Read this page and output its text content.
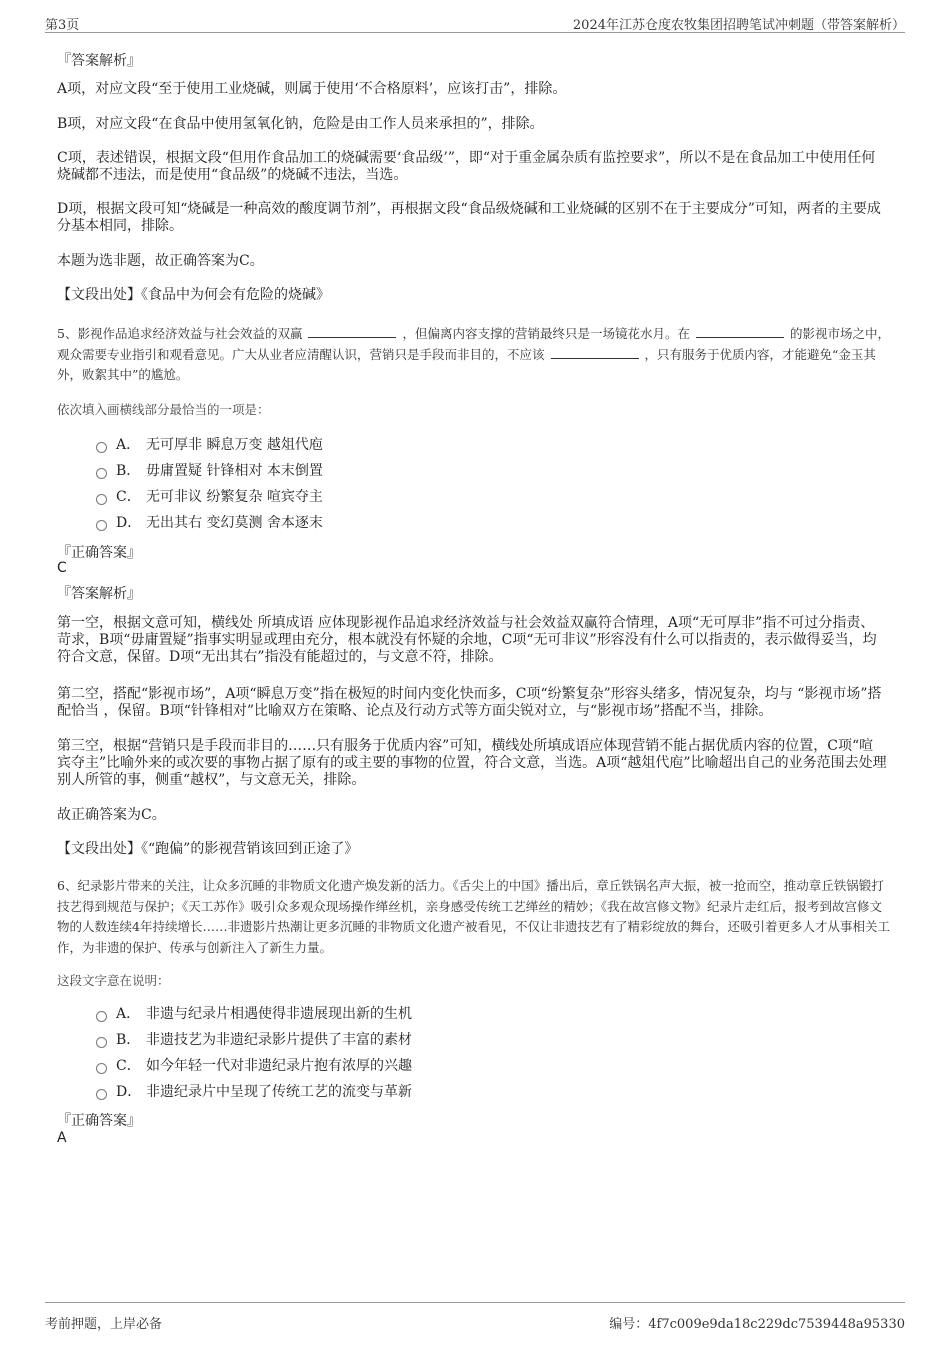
第3页	2024年江苏仓度农牧集团招聘笔试冲刺题（带答案解析）
『答案解析』
A项，对应文段“至于使用工业烧碱，则属于使用‘不合格原料’，应该打击”，排除。
B项，对应文段“在食品中使用氢氧化钠，危险是由工作人员来承担的”，排除。
C项，表述错误，根据文段“但用作食品加工的烧碱需要‘食品级’”，即“对于重金属杂质有监控要求”，所以不是在食品加工中使用任何烧碱都不违法，而是使用“食品级”的烧碱不违法，当选。
D项，根据文段可知“烧碱是一种高效的酸度调节剂”，再根据文段“食品级烧碱和工业烧碱的区别不在于主要成分”可知，两者的主要成分基本相同，排除。
本题为选非题，故正确答案为C。
【文段出处】《食品中为何会有危险的烧碱》
5、影视作品追求经济效益与社会效益的双赢	，但偏离内容支撑的营销最终只是一场镜花水月。在	的影视市场之中，观众需要专业指引和观看意见。广大从业者应清醒认识，营销只是手段而非目的，不应该	，只有服务于优质内容，才能避免“金玉其外，败絮其中”的尴尬。
依次填入画横线部分最恰当的一项是：
A． 无可厚非 瞬息万变 越俎代庖
B． 毋庸置疑 针锋相对 本末倒置
C． 无可非议 纷繁复杂 喧宾夺主
D． 无出其右 变幻莫测 舍本逐末
『正确答案』
C
『答案解析』
第一空，根据文意可知，横线处 所填成语 应体现影视作品追求经济效益与社会效益双赢符合情理，A项“无可厚非”指不可过分指责、苛求，B项“毋庸置疑”指事实明显或理由充分，根本就没有怀疑的余地，C项“无可非议”形容没有什么可以指责的，表示做得妥当，均符合文意，保留。D项“无出其右”指没有能超过的，与文意不符，排除。
第二空，搭配“影视市场”，A项“瞬息万变”指在极短的时间内变化快而多，C项“纷繁复杂”形容头绪多，情况复杂，均与 “影视市场”搭配恰当 ，保留。B项“针锋相对”比喻双方在策略、论点及行动方式等方面尖锐对立，与“影视市场”搭配不当，排除。
第三空，根据“营销只是手段而非目的……只有服务于优质内容”可知，横线处所填成语应体现营销不能占据优质内容的位置，C项“喧宾夺主”比喻外来的或次要的事物占据了原有的或主要的事物的位置，符合文意，当选。A项“越俎代庖”比喻超出自己的业务范围去处理别人所管的事，侧重“越权”，与文意无关，排除。
故正确答案为C。
【文段出处】《“跑偏”的影视营销该回到正途了》
6、纪录影片带来的关注，让众多沉睡的非物质文化遗产焕发新的活力。《舌尖上的中国》播出后，章丘铁锅名声大振，被一抢而空，推动章丘铁锅锻打技艺得到规范与保护；《天工苏作》吸引众多观众现场操作缂丝机，亲身感受传统工艺缂丝的精妙；《我在故宫修文物》纪录片走红后，报考到故宫修文物的人数连续4年持续增长……非遗影片热潮让更多沉睡的非物质文化遗产被看见，不仅让非遗技艺有了精彩绽放的舞台，还吸引着更多人才从事相关工作，为非遗的保护、传承与创新注入了新生力量。
这段文字意在说明：
A． 非遗与纪录片相遇使得非遗展现出新的生机
B． 非遗技艺为非遗纪录影片提供了丰富的素材
C． 如今年轻一代对非遗纪录片抱有浓厚的兴趣
D． 非遗纪录片中呈现了传统工艺的流变与革新
『正确答案』
A
考前押题，上岸必备	编号：4f7c009e9da18c229dc7539448a95330
